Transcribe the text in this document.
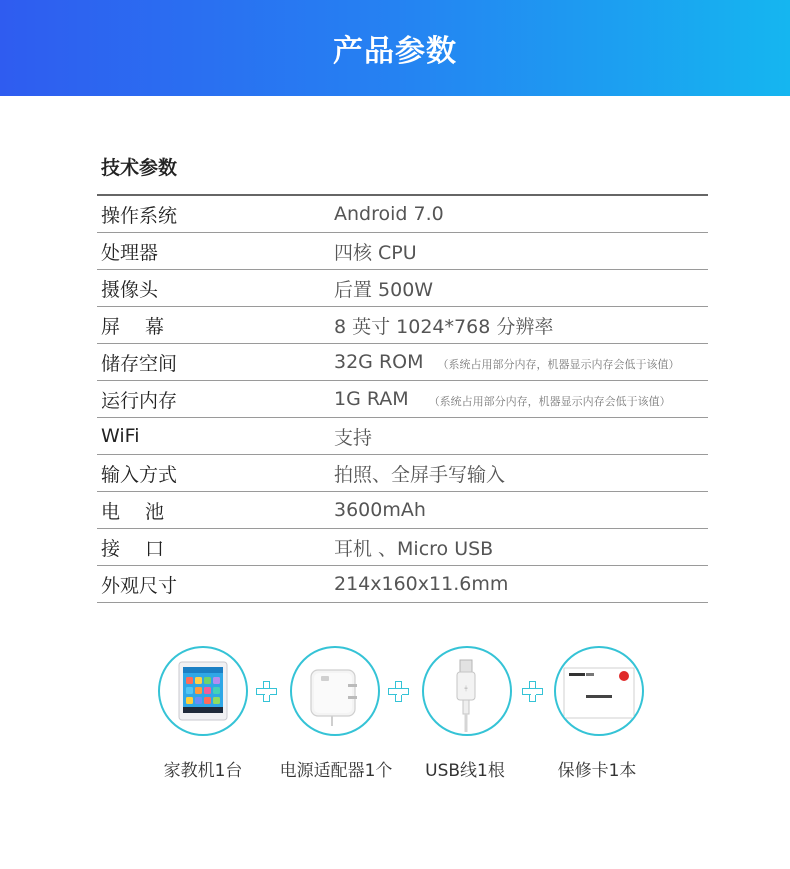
产品参数
技术参数
操作系统	Android 7.0
处理器	四核 CPU
摄像头	后置 500W
屏　 幕	8 英寸 1024*768 分辨率
储存空间	32G ROM （系统占用部分内存，机器显示内存会低于该值）
运行内存	1G RAM （系统占用部分内存，机器显示内存会低于该值）
WiFi	支持
输入方式	拍照、全屏手写输入
电　 池	3600mAh
接　 口	耳机 、Micro USB
外观尺寸	214x160x11.6mm
╪
家教机1台	电源适配器1个	USB线1根	保修卡1本
